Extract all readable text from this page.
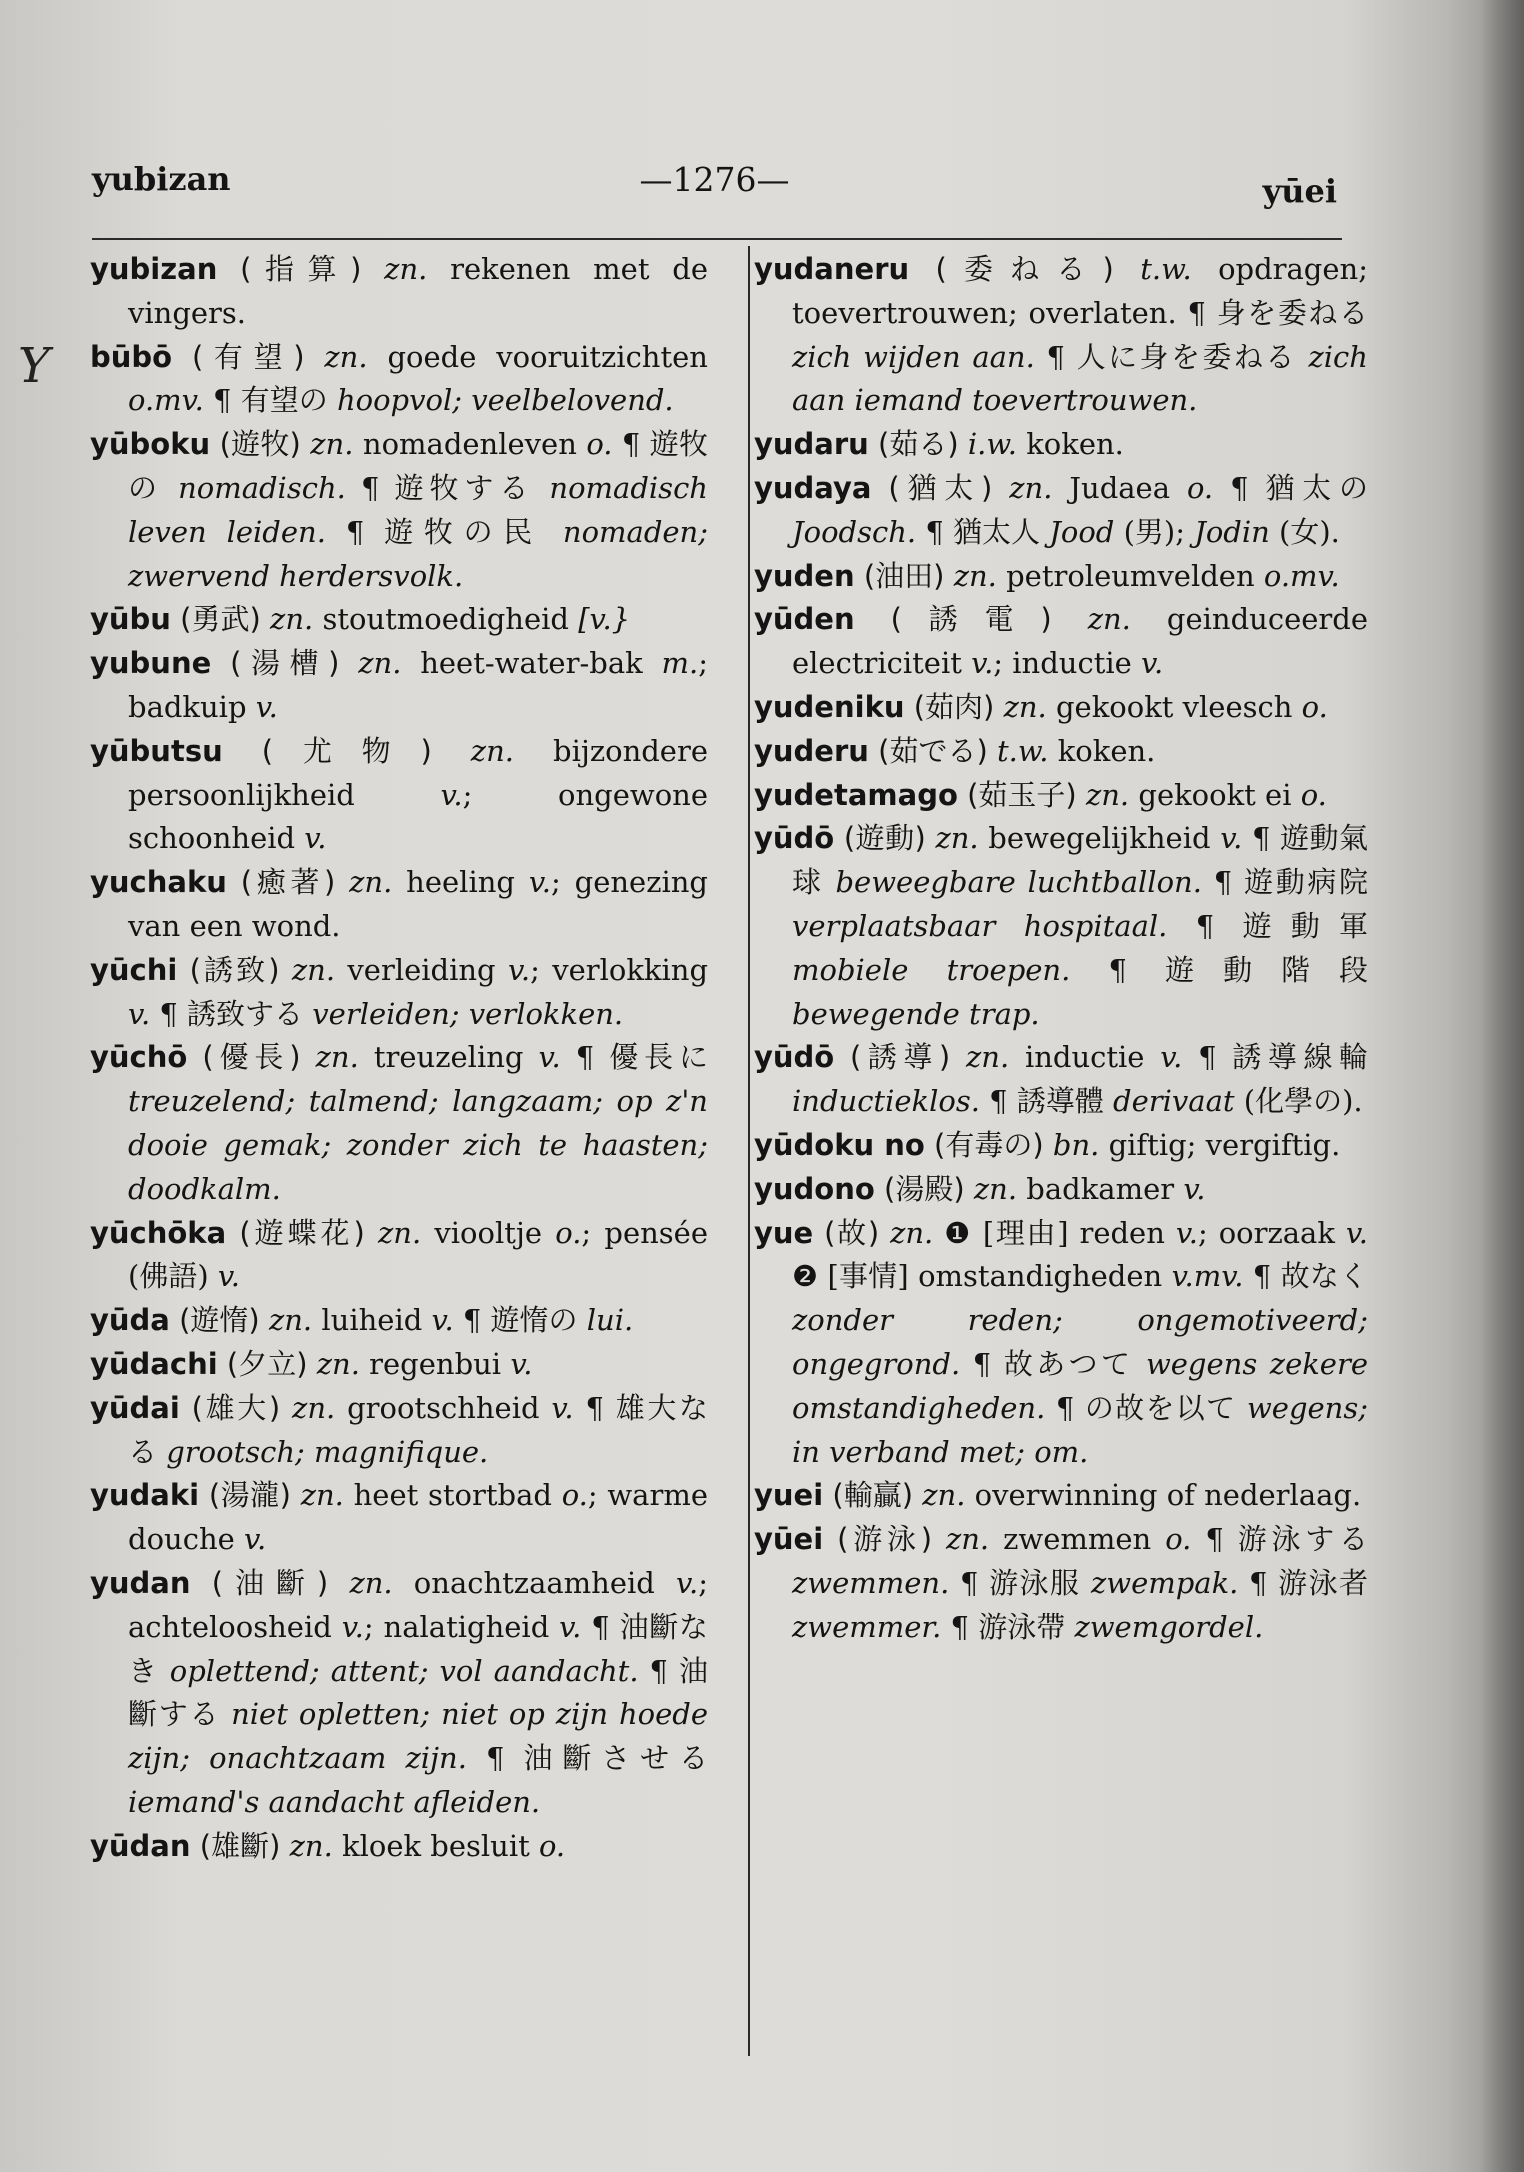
yubizan	—1276—	yūei
Y
yubizan (指算) zn. rekenen met de vingers.
būbō (有望) zn. goede vooruitzichten o.mv. ¶ 有望の hoopvol; veelbelovend.
yūboku (遊牧) zn. nomadenleven o. ¶ 遊牧の nomadisch. ¶ 遊牧する nomadisch leven leiden. ¶ 遊牧の民 nomaden; zwervend herdersvolk.
yūbu (勇武) zn. stoutmoedigheid [v.}
yubune (湯槽) zn. heet-water-bak m.; badkuip v.
yūbutsu (尤物) zn. bijzondere persoonlijkheid v.; ongewone schoonheid v.
yuchaku (癒著) zn. heeling v.; genezing van een wond.
yūchi (誘致) zn. verleiding v.; verlokking v. ¶ 誘致する verleiden; verlokken.
yūchō (優長) zn. treuzeling v. ¶ 優長に treuzelend; talmend; langzaam; op z'n dooie gemak; zonder zich te haasten; doodkalm.
yūchōka (遊蝶花) zn. viooltje o.; pensée (佛語) v.
yūda (遊惰) zn. luiheid v. ¶ 遊惰の lui.
yūdachi (夕立) zn. regenbui v.
yūdai (雄大) zn. grootschheid v. ¶ 雄大なる grootsch; magnifique.
yudaki (湯瀧) zn. heet stortbad o.; warme douche v.
yudan (油斷) zn. onachtzaamheid v.; achteloosheid v.; nalatigheid v. ¶ 油斷なき oplettend; attent; vol aandacht. ¶ 油斷する niet opletten; niet op zijn hoede zijn; onachtzaam zijn. ¶ 油斷させる iemand's aandacht afleiden.
yūdan (雄斷) zn. kloek besluit o.
yudaneru (委ねる) t.w. opdragen; toevertrouwen; overlaten. ¶ 身を委ねる zich wijden aan. ¶ 人に身を委ねる zich aan iemand toevertrouwen.
yudaru (茹る) i.w. koken.
yudaya (猶太) zn. Judaea o. ¶ 猶太の Joodsch. ¶ 猶太人 Jood (男); Jodin (女).
yuden (油田) zn. petroleumvelden o.mv.
yūden (誘電) zn. geinduceerde electriciteit v.; inductie v.
yudeniku (茹肉) zn. gekookt vleesch o.
yuderu (茹でる) t.w. koken.
yudetamago (茹玉子) zn. gekookt ei o.
yūdō (遊動) zn. bewegelijkheid v. ¶ 遊動氣球 beweegbare luchtballon. ¶ 遊動病院 verplaatsbaar hospitaal. ¶ 遊動軍 mobiele troepen. ¶ 遊動階段 bewegende trap.
yūdō (誘導) zn. inductie v. ¶ 誘導線輪 inductieklos. ¶ 誘導體 derivaat (化學の).
yūdoku no (有毒の) bn. giftig; vergiftig.
yudono (湯殿) zn. badkamer v.
yue (故) zn. ❶ [理由] reden v.; oorzaak v. ❷ [事情] omstandigheden v.mv. ¶ 故なく zonder reden; ongemotiveerd; ongegrond. ¶ 故あつて wegens zekere omstandigheden. ¶ の故を以て wegens; in verband met; om.
yuei (輸贏) zn. overwinning of nederlaag.
yūei (游泳) zn. zwemmen o. ¶ 游泳する zwemmen. ¶ 游泳服 zwempak. ¶ 游泳者 zwemmer. ¶ 游泳帶 zwemgordel.
